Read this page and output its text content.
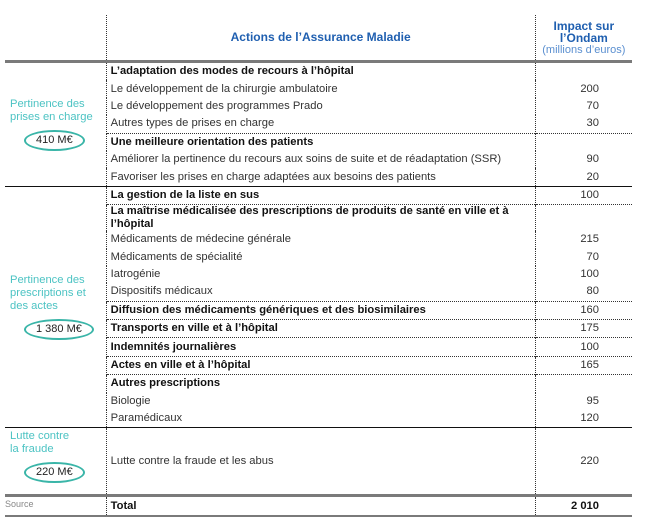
	Actions de l’Assurance Maladie	Impact sur l’Ondam
(millions d’euros)

Pertinence des prises en charge
410 M€	L’adaptation des modes de recours à l’hôpital	
	Le développement de la chirurgie ambulatoire	200
	Le développement des programmes Prado	70
	Autres types de prises en charge	30
	Une meilleure orientation des patients	
	Améliorer la pertinence du recours aux soins de suite et de réadaptation (SSR)	90
	Favoriser les prises en charge adaptées aux besoins des patients	20

Pertinence des prescriptions et des actes
1 380 M€	La gestion de la liste en sus	100
	La maîtrise médicalisée des prescriptions de produits de santé en ville et à l’hôpital	
	Médicaments de médecine générale	215
	Médicaments de spécialité	70
	Iatrogénie	100
	Dispositifs médicaux	80
	Diffusion des médicaments génériques et des biosimilaires	160
	Transports en ville et à l’hôpital	175
	Indemnités journalières	100
	Actes en ville et à l’hôpital	165
	Autres prescriptions	
	Biologie	95
	Paramédicaux	120

Lutte contre la fraude
220 M€	Lutte contre la fraude et les abus	220
	Total	2 010
Source
